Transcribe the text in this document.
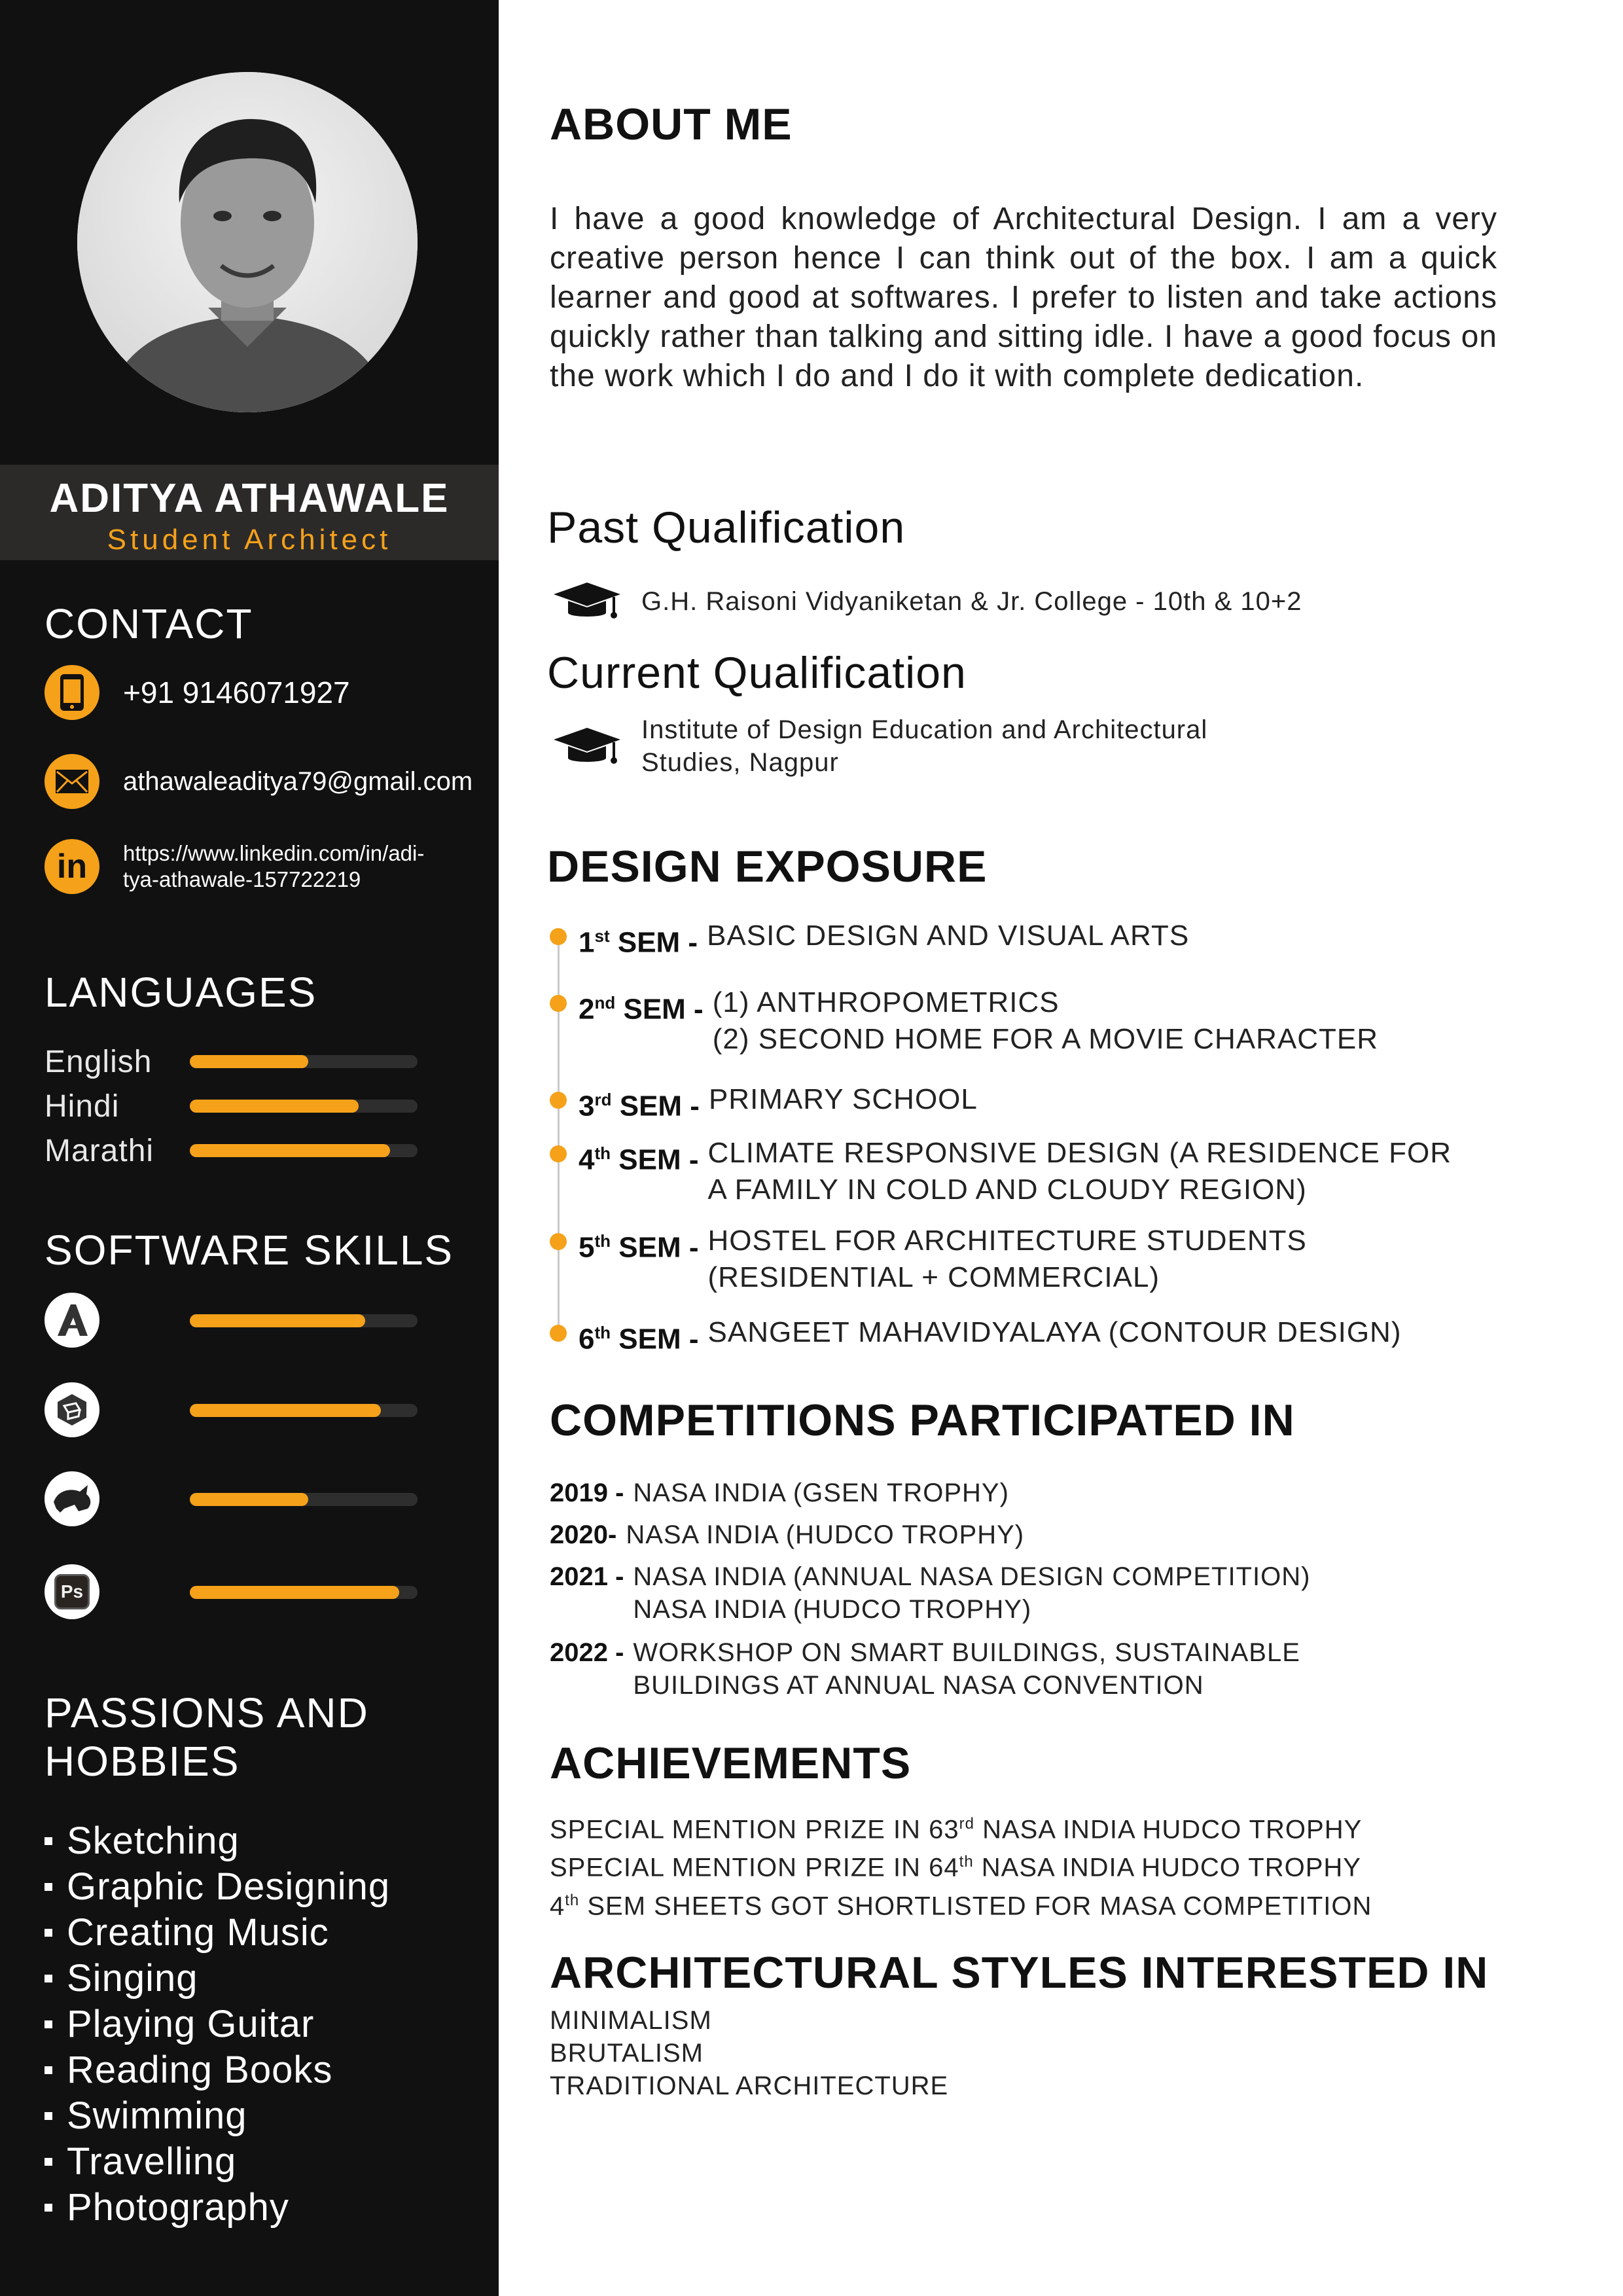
ADITYA ATHAWALE
Student Architect
CONTACT
+91 9146071927
athawaleaditya79@gmail.com
in https://www.linkedin.com/in/adi-
tya-athawale-157722219
LANGUAGES
English
Hindi
Marathi
SOFTWARE SKILLS
Ps
PASSIONS AND
HOBBIES
Sketching
Graphic Designing
Creating Music
Singing
Playing Guitar
Reading Books
Swimming
Travelling
Photography
ABOUT ME

I have a good knowledge of Architectural Design. I am a very creative person hence I can think out of the box. I am a quick learner and good at softwares. I prefer to listen and take actions quickly rather than talking and sitting idle. I have a good focus on the work which I do and I do it with complete dedication.

Past Qualification
G.H. Raisoni Vidyaniketan & Jr. College - 10th & 10+2
Current Qualification
Institute of Design Education and Architectural
Studies, Nagpur
DESIGN EXPOSURE
1st SEM - BASIC DESIGN AND VISUAL ARTS
2nd SEM - (1) ANTHROPOMETRICS
(2) SECOND HOME FOR A MOVIE CHARACTER
3rd SEM - PRIMARY SCHOOL
4th SEM - CLIMATE RESPONSIVE DESIGN (A RESIDENCE FOR
A FAMILY IN COLD AND CLOUDY REGION)
5th SEM - HOSTEL FOR ARCHITECTURE STUDENTS
(RESIDENTIAL + COMMERCIAL)
6th SEM - SANGEET MAHAVIDYALAYA (CONTOUR DESIGN)
COMPETITIONS PARTICIPATED IN
2019 - NASA INDIA (GSEN TROPHY)
2020- NASA INDIA (HUDCO TROPHY)
2021 - NASA INDIA (ANNUAL NASA DESIGN COMPETITION)
NASA INDIA (HUDCO TROPHY)
2022 - WORKSHOP ON SMART BUILDINGS, SUSTAINABLE
BUILDINGS AT ANNUAL NASA CONVENTION
ACHIEVEMENTS
SPECIAL MENTION PRIZE IN 63rd NASA INDIA HUDCO TROPHY
SPECIAL MENTION PRIZE IN 64th NASA INDIA HUDCO TROPHY
4th SEM SHEETS GOT SHORTLISTED FOR MASA COMPETITION
ARCHITECTURAL STYLES INTERESTED IN
MINIMALISM
BRUTALISM
TRADITIONAL ARCHITECTURE
